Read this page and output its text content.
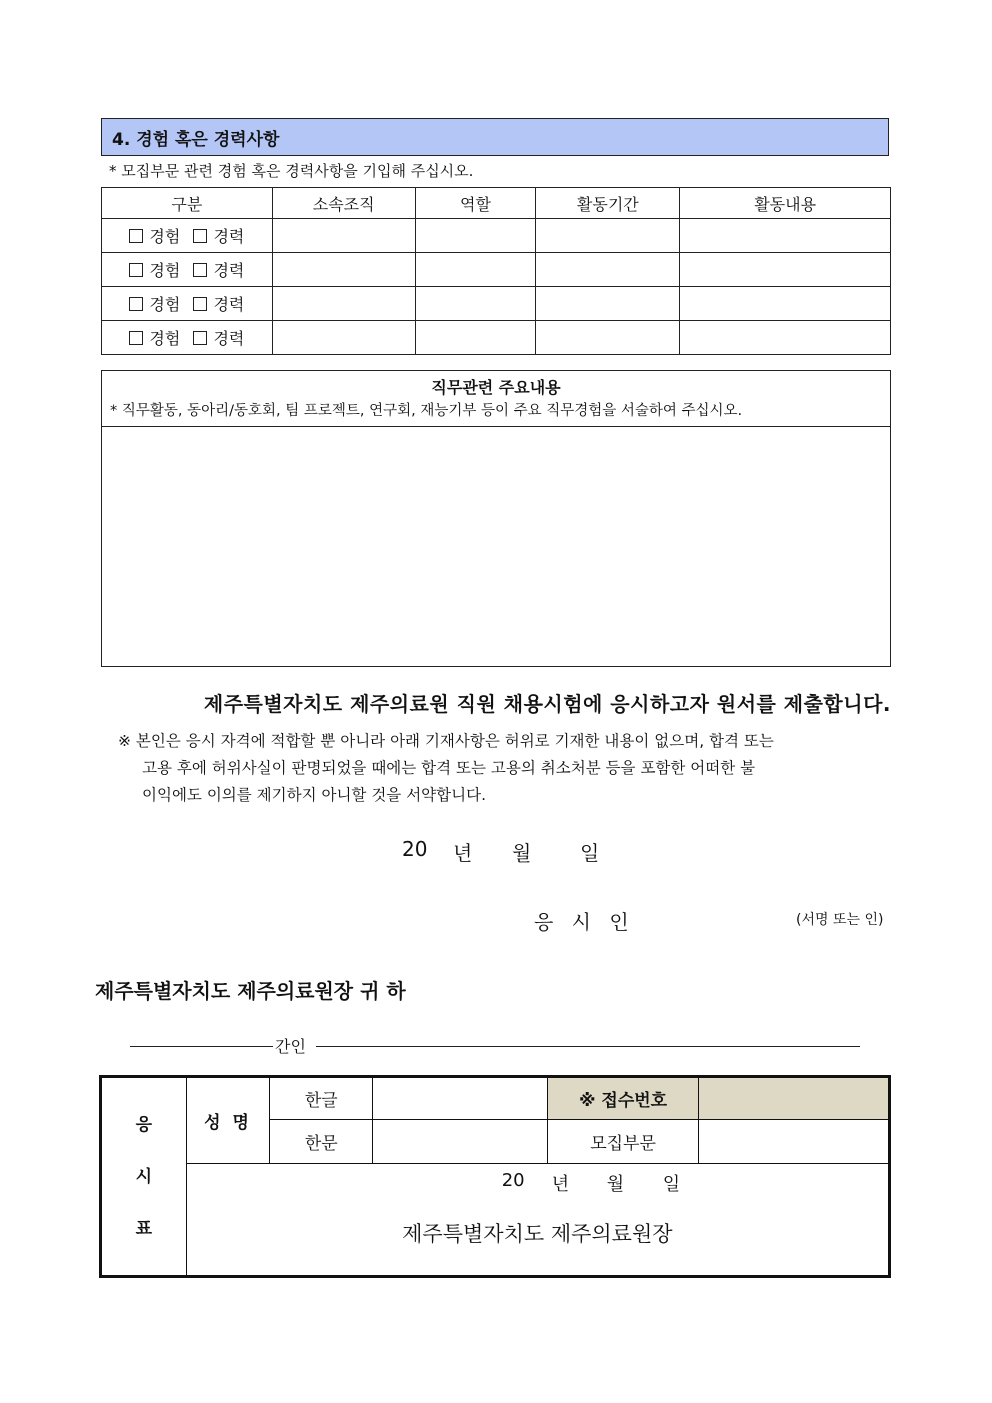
4. 경험 혹은 경력사항
* 모집부문 관련 경험 혹은 경력사항을 기입해 주십시오.
구분	소속조직	역할	활동기간	활동내용
경험 경력				
경험 경력				
경험 경력				
경험 경력				
직무관련 주요내용
* 직무활동, 동아리/동호회, 팀 프로젝트, 연구회, 재능기부 등이 주요 직무경험을 서술하여 주십시오.
제주특별자치도 제주의료원 직원 채용시험에 응시하고자 원서를 제출합니다.
※ 본인은 응시 자격에 적합할 뿐 아니라 아래 기재사항은 허위로 기재한 내용이 없으며, 합격 또는
고용 후에 허위사실이 판명되었을 때에는 합격 또는 고용의 취소처분 등을 포함한 어떠한 불
이익에도 이의를 제기하지 아니할 것을 서약합니다.
20 년 월 일
응 시 인	(서명 또는 인)
제주특별자치도 제주의료원장 귀 하
간인
응
시
표	성 명	한글		※ 접수번호	
		한문		모집부문	

	20 년 월 일
제주특별자치도 제주의료원장				
